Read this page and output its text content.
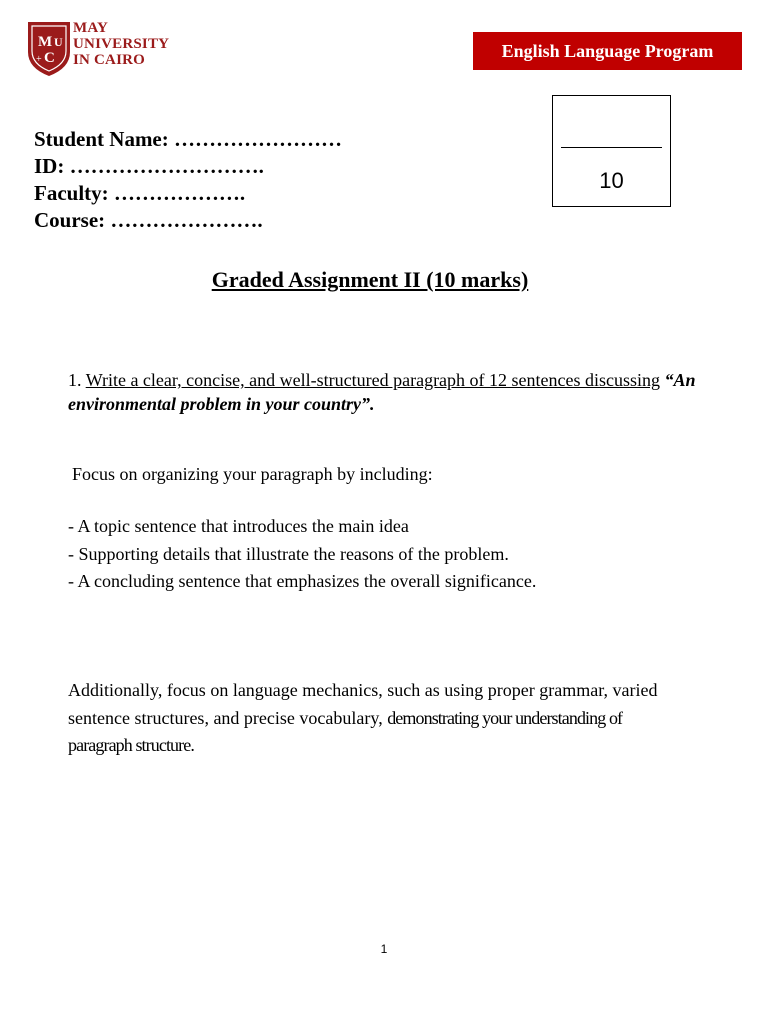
M U
C
+
MAY
UNIVERSITY
IN CAIRO	English Language Program
10
Student Name: ……………………
ID: ……………………….
Faculty: ……………….
Course: ………………….
Graded Assignment II (10 marks)
1. Write a clear, concise, and well-structured paragraph of 12 sentences discussing “An environmental problem in your country”.
Focus on organizing your paragraph by including:
- A topic sentence that introduces the main idea
- Supporting details that illustrate the reasons of the problem.
- A concluding sentence that emphasizes the overall significance.
Additionally, focus on language mechanics, such as using proper grammar, varied sentence structures, and precise vocabulary, demonstrating your understanding of paragraph structure.
1
